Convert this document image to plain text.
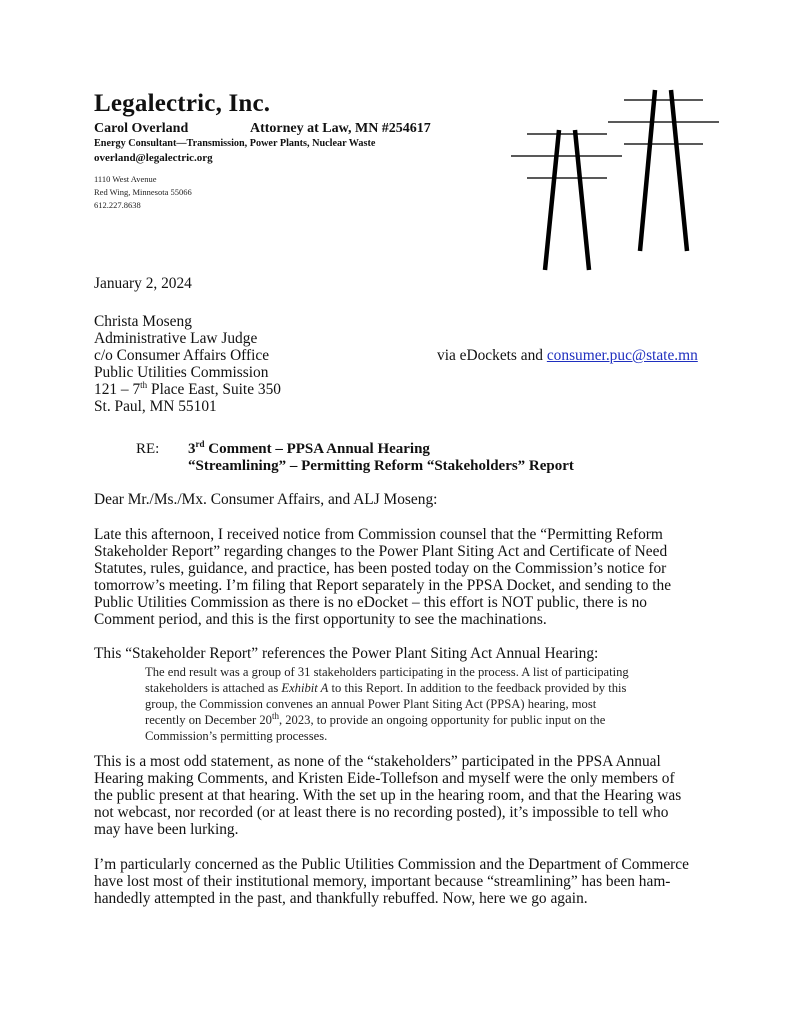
Legalectric, Inc.
Carol Overland	Attorney at Law, MN #254617
Energy Consultant—Transmission, Power Plants, Nuclear Waste
overland@legalectric.org
1110 West Avenue
Red Wing, Minnesota 55066
612.227.8638
January 2, 2024
Christa Moseng
Administrative Law Judge
c/o Consumer Affairs Office
Public Utilities Commission
121 – 7th Place East, Suite 350
St. Paul, MN 55101
via eDockets and consumer.puc@state.mn
RE: 3rd Comment – PPSA Annual Hearing
“Streamlining” – Permitting Reform “Stakeholders” Report
Dear Mr./Ms./Mx. Consumer Affairs, and ALJ Moseng:
Late this afternoon, I received notice from Commission counsel that the “Permitting Reform
Stakeholder Report” regarding changes to the Power Plant Siting Act and Certificate of Need
Statutes, rules, guidance, and practice, has been posted today on the Commission’s notice for
tomorrow’s meeting. I’m filing that Report separately in the PPSA Docket, and sending to the
Public Utilities Commission as there is no eDocket – this effort is NOT public, there is no
Comment period, and this is the first opportunity to see the machinations.
This “Stakeholder Report” references the Power Plant Siting Act Annual Hearing:
The end result was a group of 31 stakeholders participating in the process. A list of participating
stakeholders is attached as Exhibit A to this Report. In addition to the feedback provided by this
group, the Commission convenes an annual Power Plant Siting Act (PPSA) hearing, most
recently on December 20th, 2023, to provide an ongoing opportunity for public input on the
Commission’s permitting processes.
This is a most odd statement, as none of the “stakeholders” participated in the PPSA Annual
Hearing making Comments, and Kristen Eide-Tollefson and myself were the only members of
the public present at that hearing. With the set up in the hearing room, and that the Hearing was
not webcast, nor recorded (or at least there is no recording posted), it’s impossible to tell who
may have been lurking.
I’m particularly concerned as the Public Utilities Commission and the Department of Commerce
have lost most of their institutional memory, important because “streamlining” has been ham-
handedly attempted in the past, and thankfully rebuffed. Now, here we go again.
